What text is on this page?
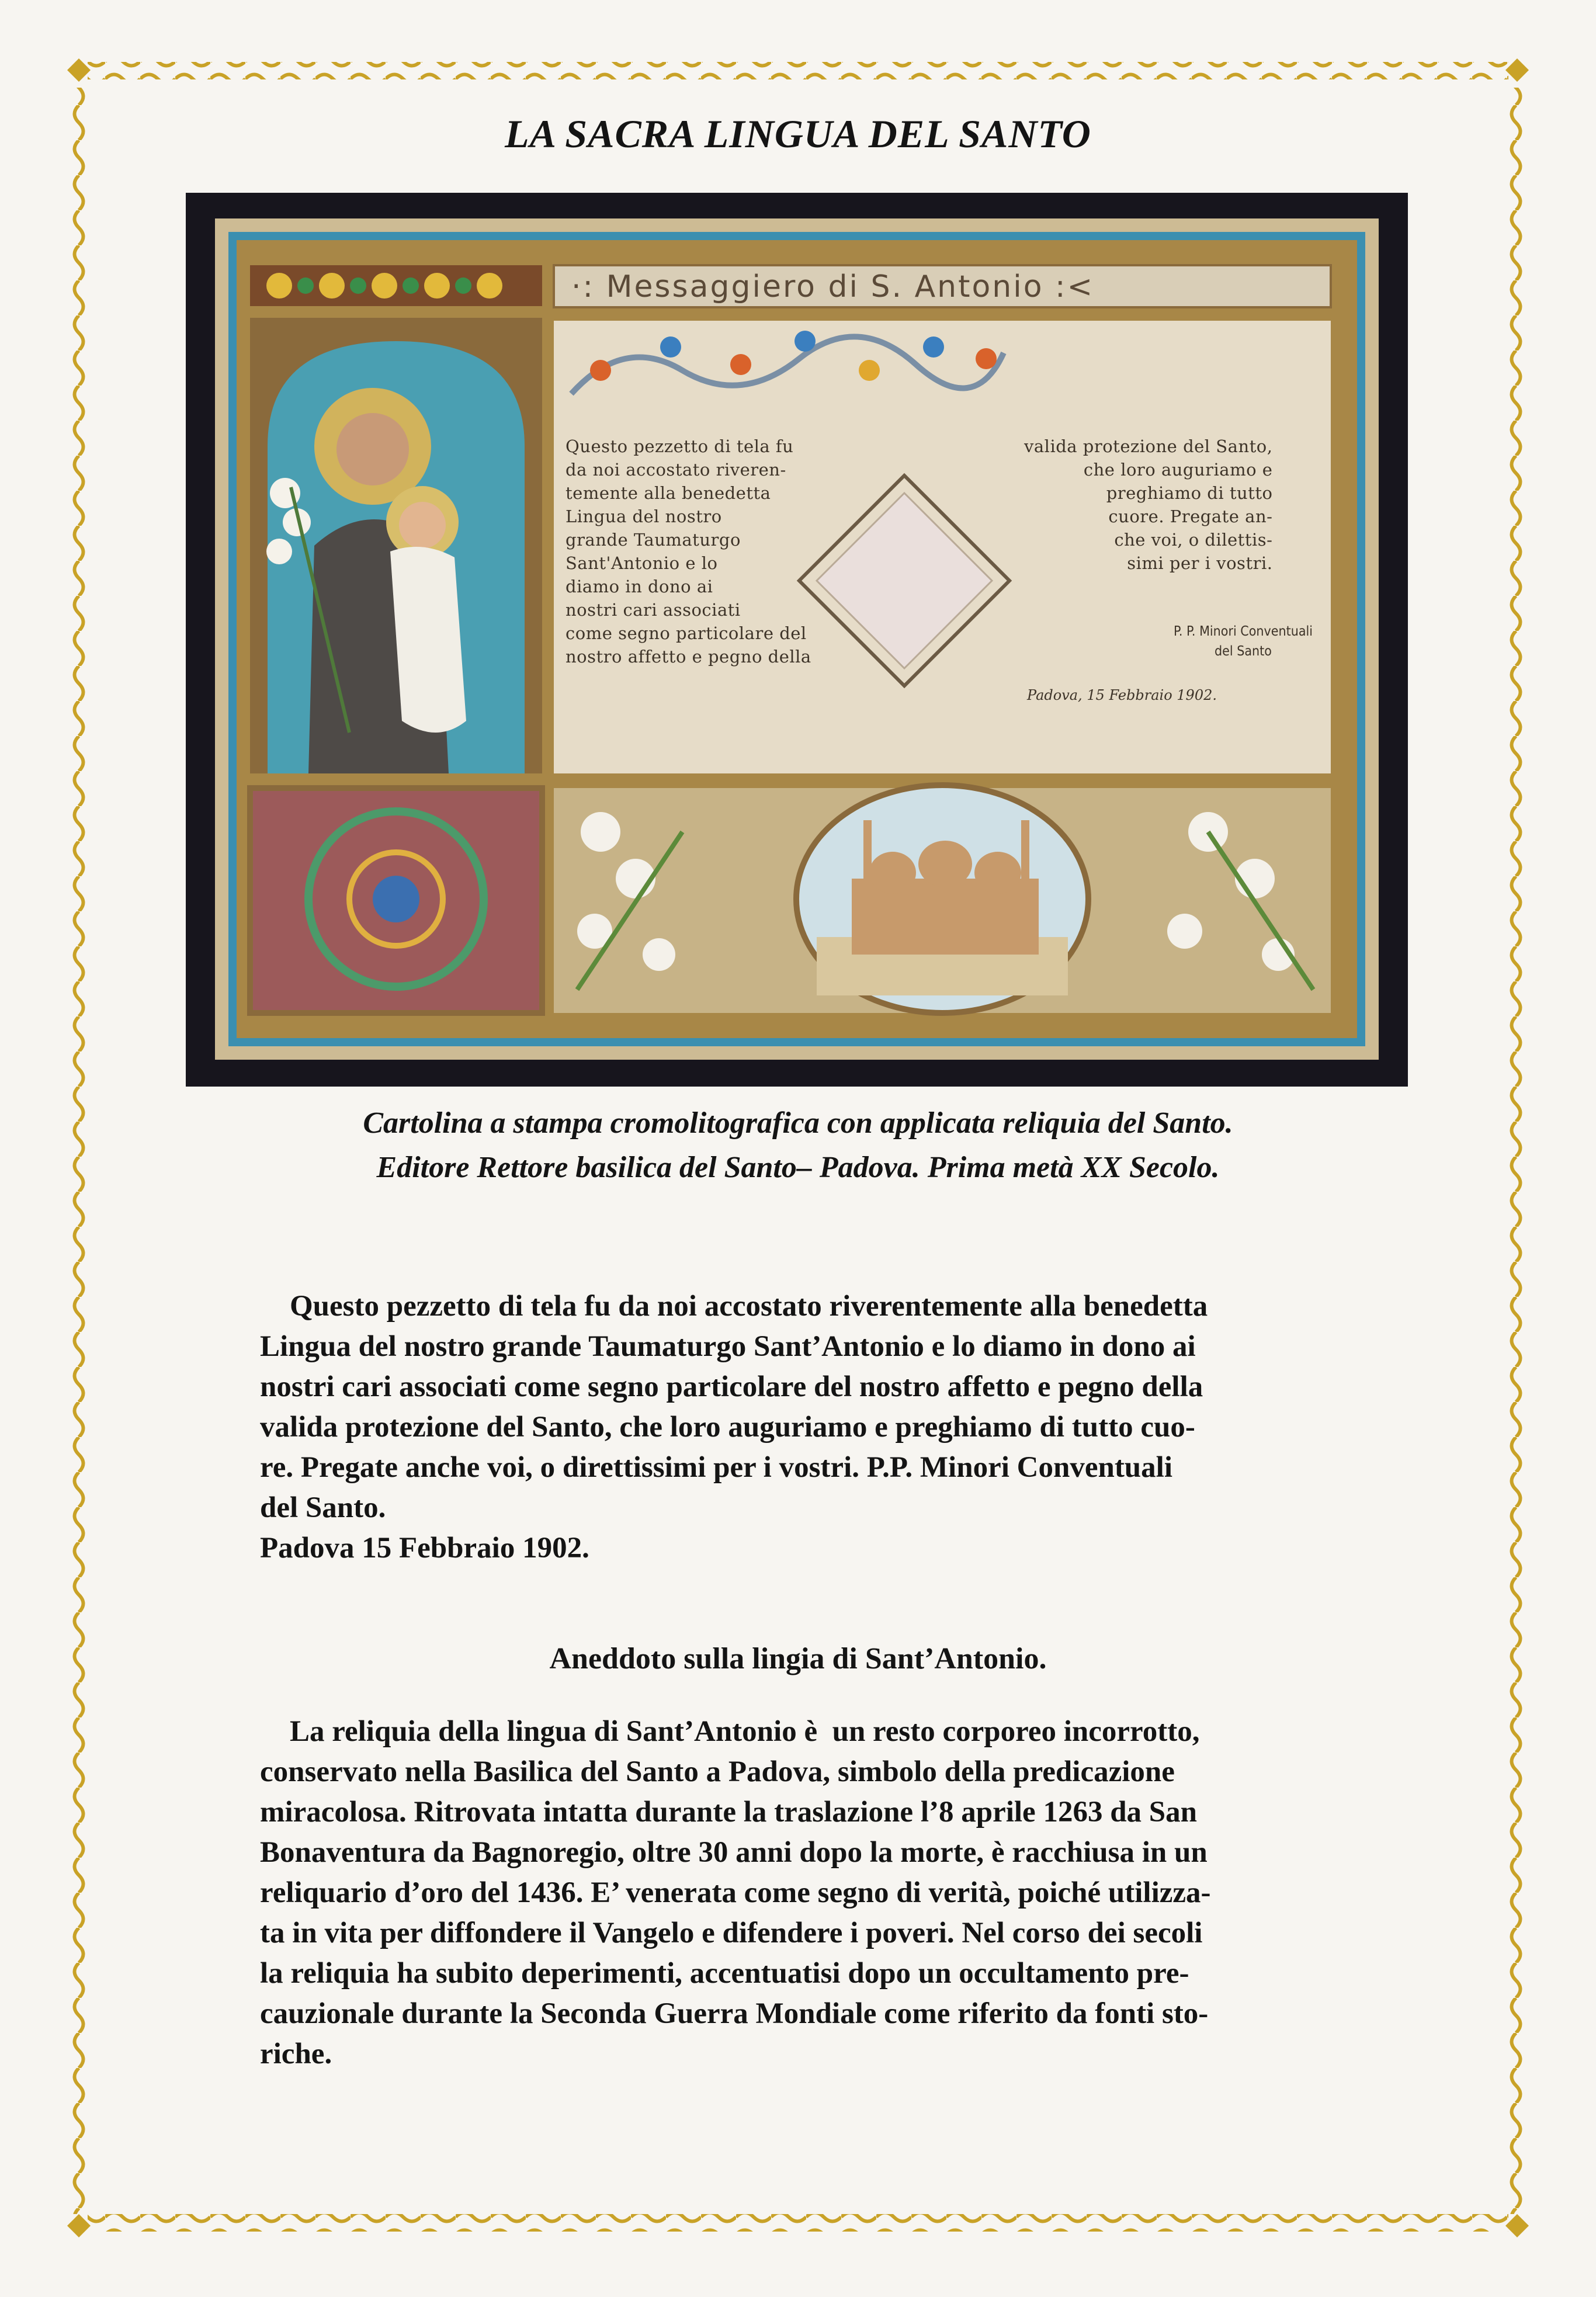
LA SACRA LINGUA DEL SANTO
·: Messaggiero di S. Antonio :<
Questo pezzetto di tela fu
da noi accostato riveren-
temente alla benedetta
Lingua del nostro
grande Taumaturgo
Sant'Antonio e lo
diamo in dono ai
nostri cari associati
come segno particolare del
nostro affetto e pegno della
valida protezione del Santo,
che loro auguriamo e
preghiamo di tutto
cuore. Pregate an-
che voi, o dilettis-
simi per i vostri.
P. P. Minori Conventuali
del Santo
Padova, 15 Febbraio 1902.
Cartolina a stampa cromolitografica con applicata reliquia del Santo.
Editore Rettore basilica del Santo– Padova. Prima metà XX Secolo.
Questo pezzetto di tela fu da noi accostato riverentemente alla benedetta
Lingua del nostro grande Taumaturgo Sant’Antonio e lo diamo in dono ai
nostri cari associati come segno particolare del nostro affetto e pegno della
valida protezione del Santo, che loro auguriamo e preghiamo di tutto cuo-
re. Pregate anche voi, o direttissimi per i vostri. P.P. Minori Conventuali
del Santo.
Padova 15 Febbraio 1902.
Aneddoto sulla lingia di Sant’Antonio.
La reliquia della lingua di Sant’Antonio è  un resto corporeo incorrotto,
conservato nella Basilica del Santo a Padova, simbolo della predicazione
miracolosa. Ritrovata intatta durante la traslazione l’8 aprile 1263 da San
Bonaventura da Bagnoregio, oltre 30 anni dopo la morte, è racchiusa in un
reliquario d’oro del 1436. E’ venerata come segno di verità, poiché utilizza-
ta in vita per diffondere il Vangelo e difendere i poveri. Nel corso dei secoli
la reliquia ha subito deperimenti, accentuatisi dopo un occultamento pre-
cauzionale durante la Seconda Guerra Mondiale come riferito da fonti sto-
riche.
